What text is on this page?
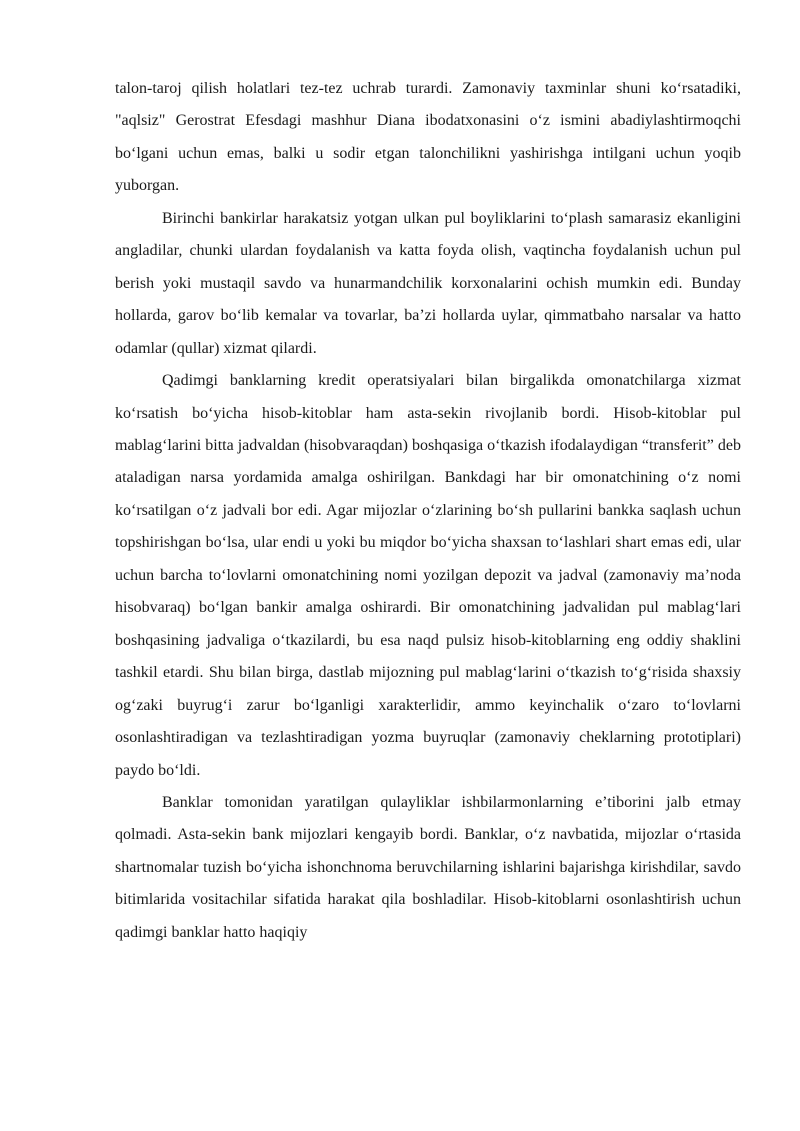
talon-taroj qilish holatlari tez-tez uchrab turardi. Zamonaviy taxminlar shuni ko‘rsatadiki, "aqlsiz" Gerostrat Efesdagi mashhur Diana ibodatxonasini o‘z ismini abadiylashtirmoqchi bo‘lgani uchun emas, balki u sodir etgan talonchilikni yashirishga intilgani uchun yoqib yuborgan.

Birinchi bankirlar harakatsiz yotgan ulkan pul boyliklarini to‘plash samarasiz ekanligini angladilar, chunki ulardan foydalanish va katta foyda olish, vaqtincha foydalanish uchun pul berish yoki mustaqil savdo va hunarmandchilik korxonalarini ochish mumkin edi. Bunday hollarda, garov bo‘lib kemalar va tovarlar, ba’zi hollarda uylar, qimmatbaho narsalar va hatto odamlar (qullar) xizmat qilardi.

Qadimgi banklarning kredit operatsiyalari bilan birgalikda omonatchilarga xizmat ko‘rsatish bo‘yicha hisob-kitoblar ham asta-sekin rivojlanib bordi. Hisob-kitoblar pul mablag‘larini bitta jadvaldan (hisobvaraqdan) boshqasiga o‘tkazish ifodalaydigan “transferit” deb ataladigan narsa yordamida amalga oshirilgan. Bankdagi har bir omonatchining o‘z nomi ko‘rsatilgan o‘z jadvali bor edi. Agar mijozlar o‘zlarining bo‘sh pullarini bankka saqlash uchun topshirishgan bo‘lsa, ular endi u yoki bu miqdor bo‘yicha shaxsan to‘lashlari shart emas edi, ular uchun barcha to‘lovlarni omonatchining nomi yozilgan depozit va jadval (zamonaviy ma’noda hisobvaraq) bo‘lgan bankir amalga oshirardi. Bir omonatchining jadvalidan pul mablag‘lari boshqasining jadvaliga o‘tkazilardi, bu esa naqd pulsiz hisob-kitoblarning eng oddiy shaklini tashkil etardi. Shu bilan birga, dastlab mijozning pul mablag‘larini o‘tkazish to‘g‘risida shaxsiy og‘zaki buyrug‘i zarur bo‘lganligi xarakterlidir, ammo keyinchalik o‘zaro to‘lovlarni osonlashtiradigan va tezlashtiradigan yozma buyruqlar (zamonaviy cheklarning prototiplari) paydo bo‘ldi.

Banklar tomonidan yaratilgan qulayliklar ishbilarmonlarning e’tiborini jalb etmay qolmadi. Asta-sekin bank mijozlari kengayib bordi. Banklar, o‘z navbatida, mijozlar o‘rtasida shartnomalar tuzish bo‘yicha ishonchnoma beruvchilarning ishlarini bajarishga kirishdilar, savdo bitimlarida vositachilar sifatida harakat qila boshladilar. Hisob-kitoblarni osonlashtirish uchun qadimgi banklar hatto haqiqiy
